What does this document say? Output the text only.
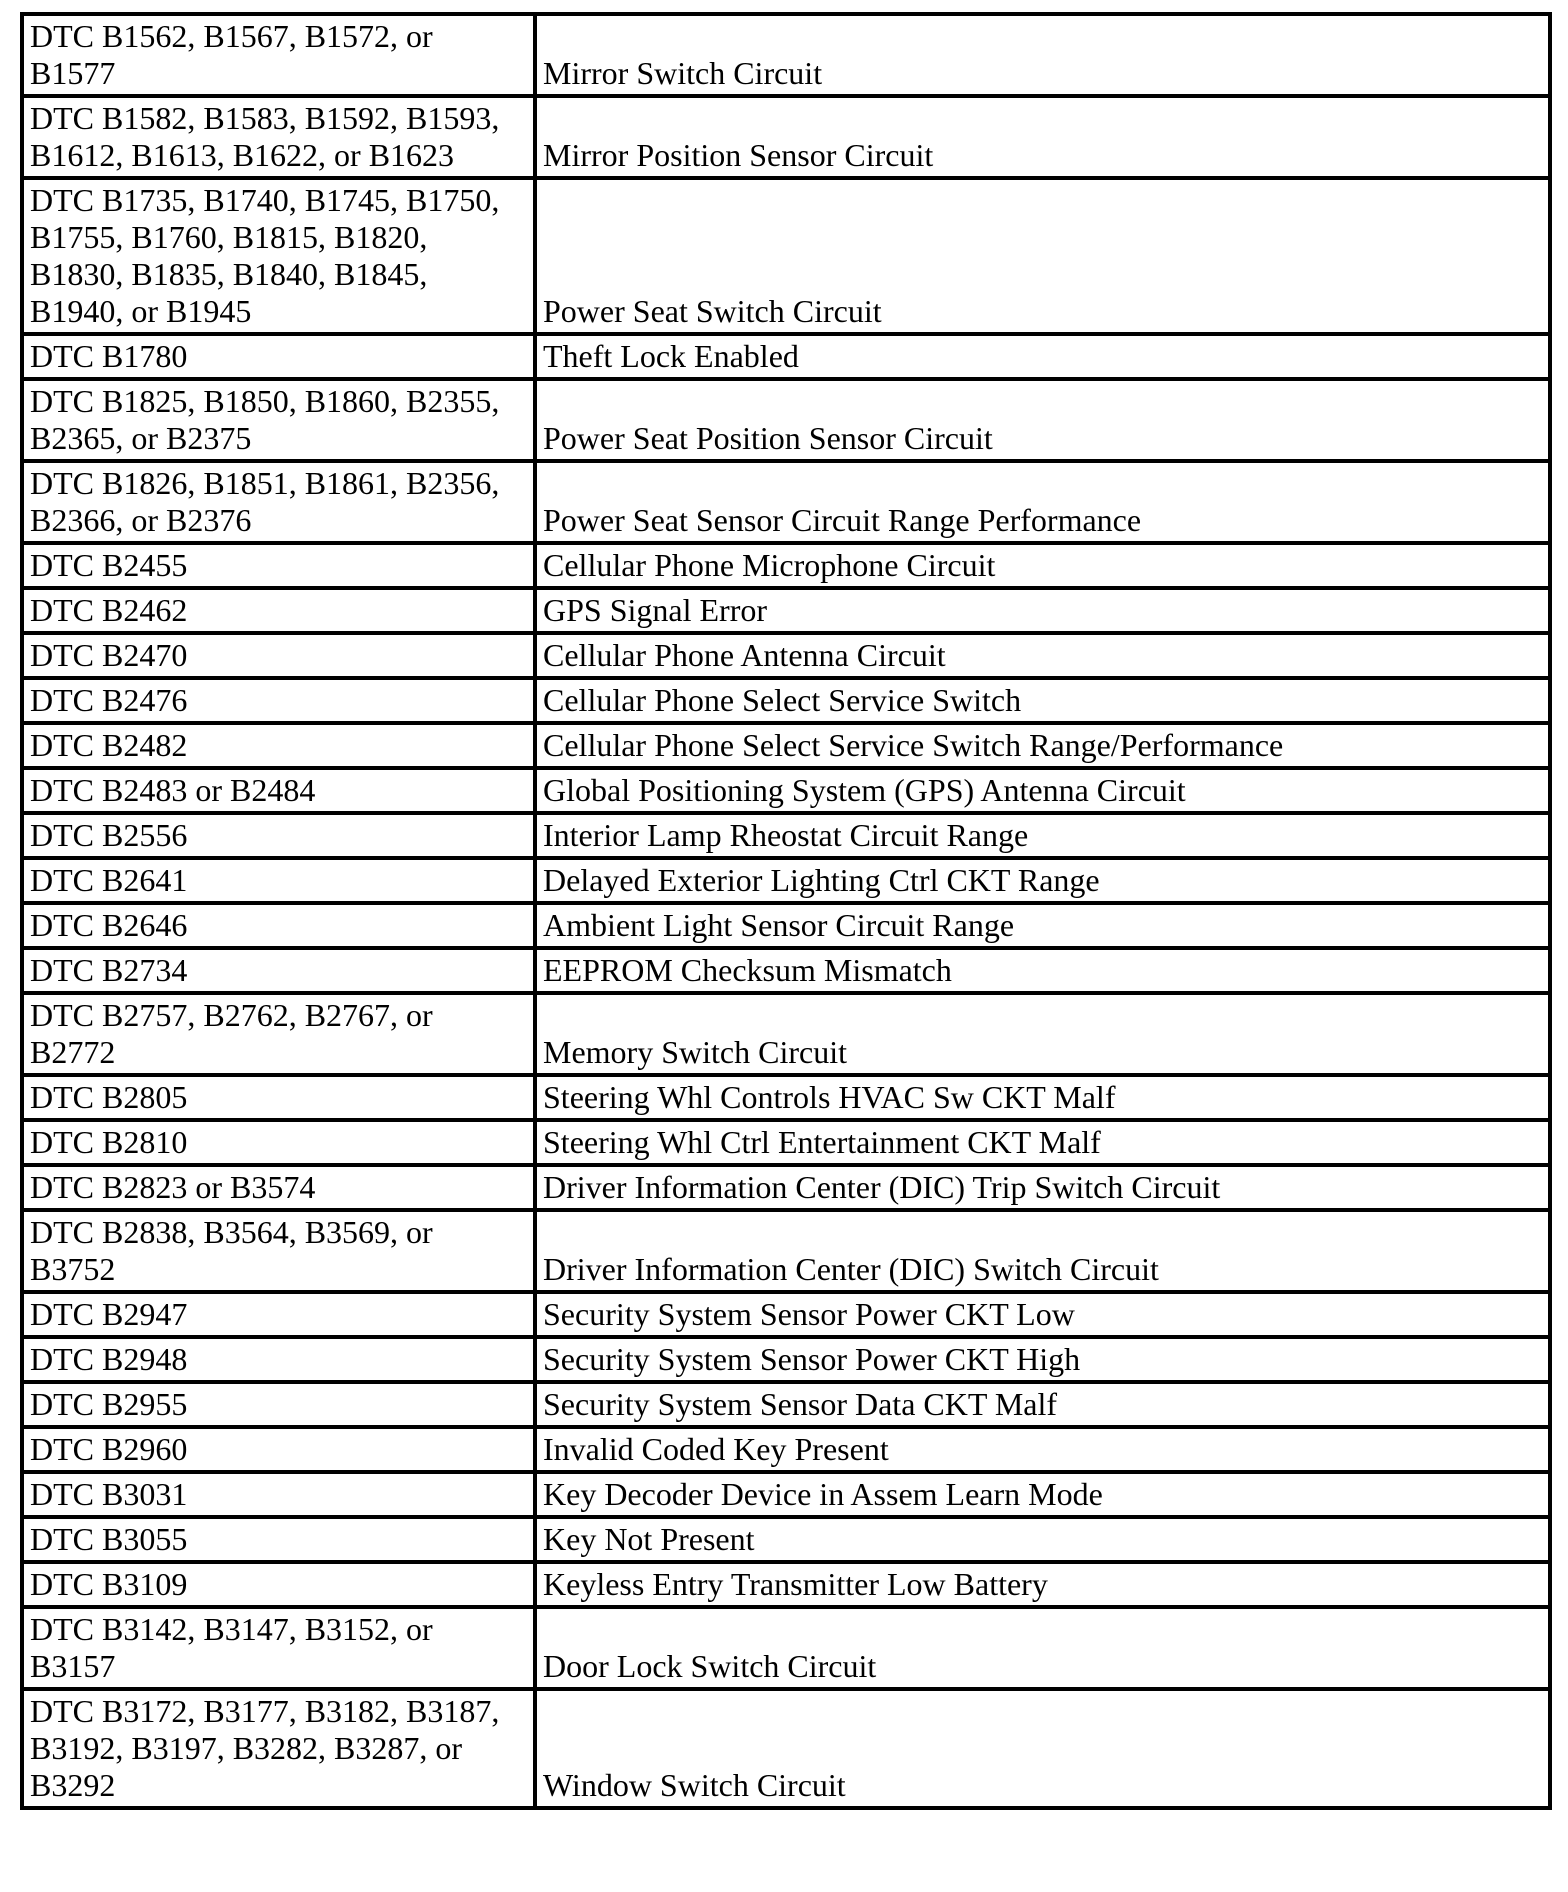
DTC B1562, B1567, B1572, or
B1577	Mirror Switch Circuit

DTC B1582, B1583, B1592, B1593,
B1612, B1613, B1622, or B1623	Mirror Position Sensor Circuit

DTC B1735, B1740, B1745, B1750,
B1755, B1760, B1815, B1820,
B1830, B1835, B1840, B1845,
B1940, or B1945	Power Seat Switch Circuit

DTC B1780	Theft Lock Enabled

DTC B1825, B1850, B1860, B2355,
B2365, or B2375	Power Seat Position Sensor Circuit

DTC B1826, B1851, B1861, B2356,
B2366, or B2376	Power Seat Sensor Circuit Range Performance

DTC B2455	Cellular Phone Microphone Circuit

DTC B2462	GPS Signal Error

DTC B2470	Cellular Phone Antenna Circuit

DTC B2476	Cellular Phone Select Service Switch

DTC B2482	Cellular Phone Select Service Switch Range/Performance

DTC B2483 or B2484	Global Positioning System (GPS) Antenna Circuit

DTC B2556	Interior Lamp Rheostat Circuit Range

DTC B2641	Delayed Exterior Lighting Ctrl CKT Range

DTC B2646	Ambient Light Sensor Circuit Range

DTC B2734	EEPROM Checksum Mismatch

DTC B2757, B2762, B2767, or
B2772	Memory Switch Circuit

DTC B2805	Steering Whl Controls HVAC Sw CKT Malf

DTC B2810	Steering Whl Ctrl Entertainment CKT Malf

DTC B2823 or B3574	Driver Information Center (DIC) Trip Switch Circuit

DTC B2838, B3564, B3569, or
B3752	Driver Information Center (DIC) Switch Circuit

DTC B2947	Security System Sensor Power CKT Low

DTC B2948	Security System Sensor Power CKT High

DTC B2955	Security System Sensor Data CKT Malf

DTC B2960	Invalid Coded Key Present

DTC B3031	Key Decoder Device in Assem Learn Mode

DTC B3055	Key Not Present

DTC B3109	Keyless Entry Transmitter Low Battery

DTC B3142, B3147, B3152, or
B3157	Door Lock Switch Circuit

DTC B3172, B3177, B3182, B3187,
B3192, B3197, B3282, B3287, or
B3292	Window Switch Circuit
